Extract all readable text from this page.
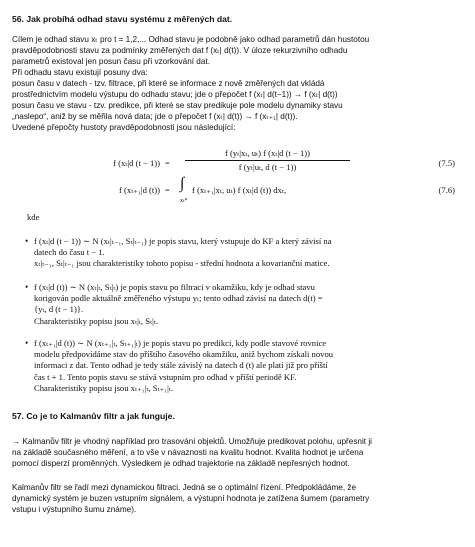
56. Jak probíhá odhad stavu systému z měřených dat.
Cílem je odhad stavu xₜ pro t = 1,2,... Odhad stavu je podobně jako odhad parametrů dán hustotou
pravděpodobnosti stavu za podmínky změřených dat f (xₜ| d(t)). V úloze rekurzivního odhadu
parametrů existoval jen posun času při vzorkování dat.
Při odhadu stavu existují posuny dva:
posun času v datech - tzv. filtrace, při které se informace z nově změřených dat vkládá
prostřednictvím modelu výstupu do odhadu stavu; jde o přepočet f (xₜ| d(t−1)) → f (xₜ| d(t))
posun času ve stavu - tzv. predikce, při které se stav predikuje pole modelu dynamiky stavu
„naslepo“, aniž by se měřila nová data; jde o přepočet f (xₜ| d(t)) → f (xₜ₊₁| d(t)).
Uvedené přepočty hustoty pravděpodobnosti jsou následující:
f (xₜ|d $(t - 1)) = \frac{\text{f (yₜ|xₜ, uₜ) f (xₜ|d (t − 1))}}{\text{f (yₜ|uₜ, d (t − 1))}}$	(7.5)
f (xₜ₊₁|d (t)) = ∫
xₜ*
f (xₜ₊₁|xₜ, uₜ) f (xₜ|d (t)) dxₜ,	(7.6)
kde
• f (xₜ|d (t − 1)) ∼ Ν (xₜ|ₜ₋₁, Sₜ|ₜ₋₁) je popis stavu, který vstupuje do KF a který závisí na
datech do času t − 1.
xₜ|ₜ₋₁, Sₜ|ₜ₋₁ jsou charakteristiky tohoto popisu - střední hodnota a kovarianční matice.
• f (xₜ|d (t)) ∼ Ν (xₜ|ₜ, Sₜ|ₜ) je popis stavu po filtraci v okamžiku, kdy je odhad stavu
korigován podle aktuálně změřeného výstupu yₜ; tento odhad závisí na datech d(t) =
{yₜ, d (t − 1)}.
Charakteristiky popisu jsou xₜ|ₜ, Sₜ|ₜ.
• f (xₜ₊₁|d (t)) ∼ Ν (xₜ₊₁|ₜ, Sₜ₊₁|ₜ) je popis stavu po predikci, kdy podle stavové rovnice
modelu předpovídáme stav do příštího časového okamžiku, aniž bychom získali novou
informaci z dat. Tento odhad je tedy stále závislý na datech d (t) ale platí již pro příští
čas t + 1. Tento popis stavu se stává vstupním pro odhad v příští periodě KF.
Charakteristiky popisu jsou xₜ₊₁|ₜ, Sₜ₊₁|ₜ.
57. Co je to Kalmanův filtr a jak funguje.
→ Kalmanův filtr je vhodný například pro trasování objektů. Umožňuje predikovat polohu, upřesnit ji
na základě současného měření, a to vše v návaznosti na kvalitu hodnot. Kvalita hodnot je určena
pomocí disperzí proměnných. Výsledkem je odhad trajektorie na základě nepřesných hodnot.
Kalmanův filtr se řadí mezi dynamickou filtraci. Jedná se o optimální řízení. Předpokládáme, že
dynamický systém je buzen vstupním signálem, a výstupní hodnota je zatížena šumem (parametry
vstupu i výstupního šumu známe).
